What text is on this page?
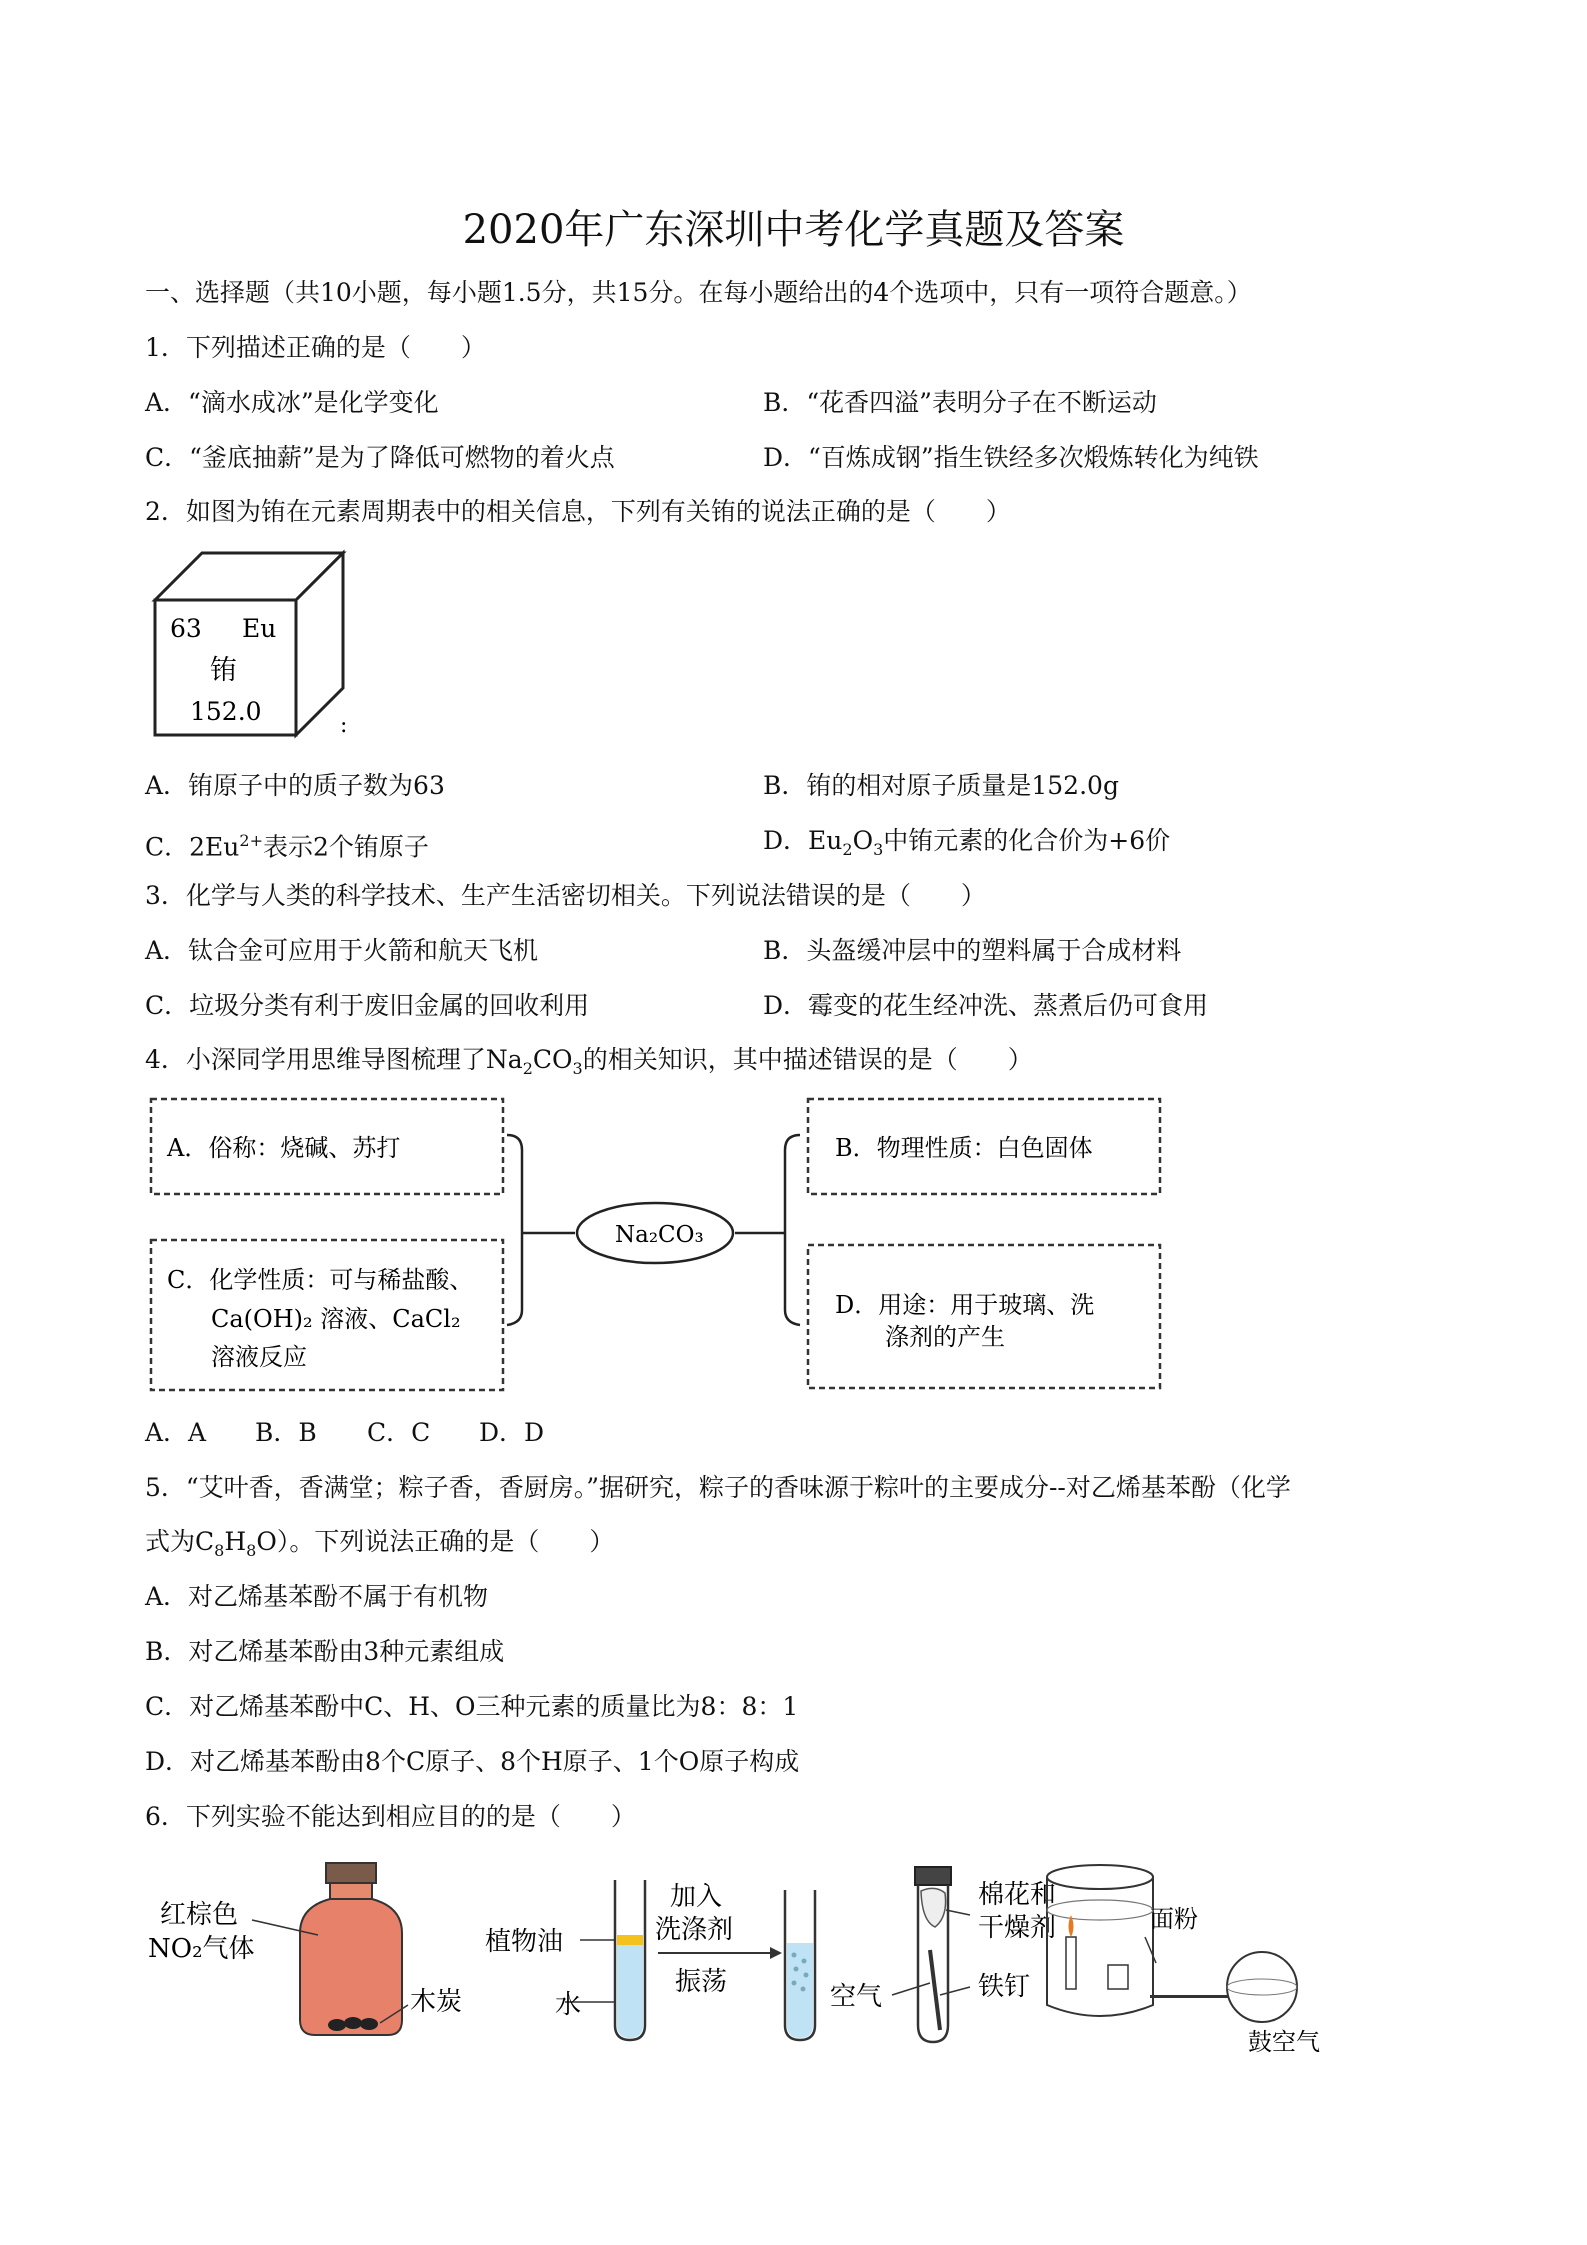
2020年广东深圳中考化学真题及答案
一、选择题（共10小题，每小题1.5分，共15分。在每小题给出的4个选项中，只有一项符合题意。）
1．下列描述正确的是（　　）
A．“滴水成冰”是化学变化	B．“花香四溢”表明分子在不断运动
C．“釜底抽薪”是为了降低可燃物的着火点	D．“百炼成钢”指生铁经多次煅炼转化为纯铁
2．如图为铕在元素周期表中的相关信息，下列有关铕的说法正确的是（　　）
63 Eu
铕
152.0	:
A．铕原子中的质子数为63	B．铕的相对原子质量是152.0g
C．$2Eu^{2+}$表示2个铕原子	D．$Eu_2O_3$中铕元素的化合价为+6价
3．化学与人类的科学技术、生产生活密切相关。下列说法错误的是（　　）
A．钛合金可应用于火箭和航天飞机	B．头盔缓冲层中的塑料属于合成材料
C．垃圾分类有利于废旧金属的回收利用	D．霉变的花生经冲洗、蒸煮后仍可食用
4．小深同学用思维导图梳理了$Na_2CO_3$的相关知识，其中描述错误的是（　　）
Na₂CO₃
A．俗称：烧碱、苏打	B．物理性质：白色固体
C．化学性质：可与稀盐酸、
Ca(OH)₂ 溶液、CaCl₂
溶液反应
D．用途：用于玻璃、洗
涤剂的产生
A．A B．B C．C D．D
5．“艾叶香，香满堂；粽子香，香厨房。”据研究，粽子的香味源于粽叶的主要成分--对乙烯基苯酚（化学
式为$C_8H_8O$）。下列说法正确的是（　　）
A．对乙烯基苯酚不属于有机物
B．对乙烯基苯酚由3种元素组成
C．对乙烯基苯酚中C、H、O三种元素的质量比为8：8：1
D．对乙烯基苯酚由8个C原子、8个H原子、1个O原子构成
6．下列实验不能达到相应目的的是（　　）
红棕色
NO₂气体
木炭
植物油
水
加入
洗涤剂
振荡
棉花和
干燥剂
空气	铁钉
面粉
鼓空气
